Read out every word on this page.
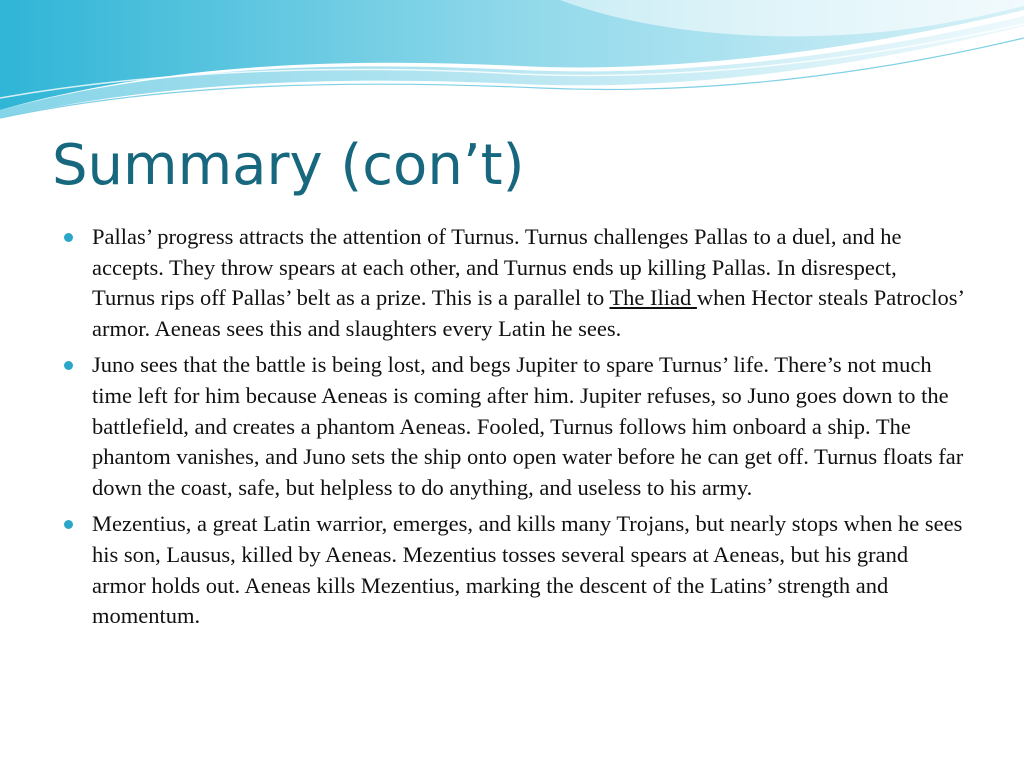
Summary (con’t)
Pallas’ progress attracts the attention of Turnus. Turnus challenges Pallas to a duel, and he accepts. They throw spears at each other, and Turnus ends up killing Pallas. In disrespect, Turnus rips off Pallas’ belt as a prize. This is a parallel to The Iliad when Hector steals Patroclos’ armor. Aeneas sees this and slaughters every Latin he sees.
Juno sees that the battle is being lost, and begs Jupiter to spare Turnus’ life. There’s not much time left for him because Aeneas is coming after him. Jupiter refuses, so Juno goes down to the battlefield, and creates a phantom Aeneas. Fooled, Turnus follows him onboard a ship. The phantom vanishes, and Juno sets the ship onto open water before he can get off. Turnus floats far down the coast, safe, but helpless to do anything, and useless to his army.
Mezentius, a great Latin warrior, emerges, and kills many Trojans, but nearly stops when he sees his son, Lausus, killed by Aeneas. Mezentius tosses several spears at Aeneas, but his grand armor holds out. Aeneas kills Mezentius, marking the descent of the Latins’ strength and momentum.
